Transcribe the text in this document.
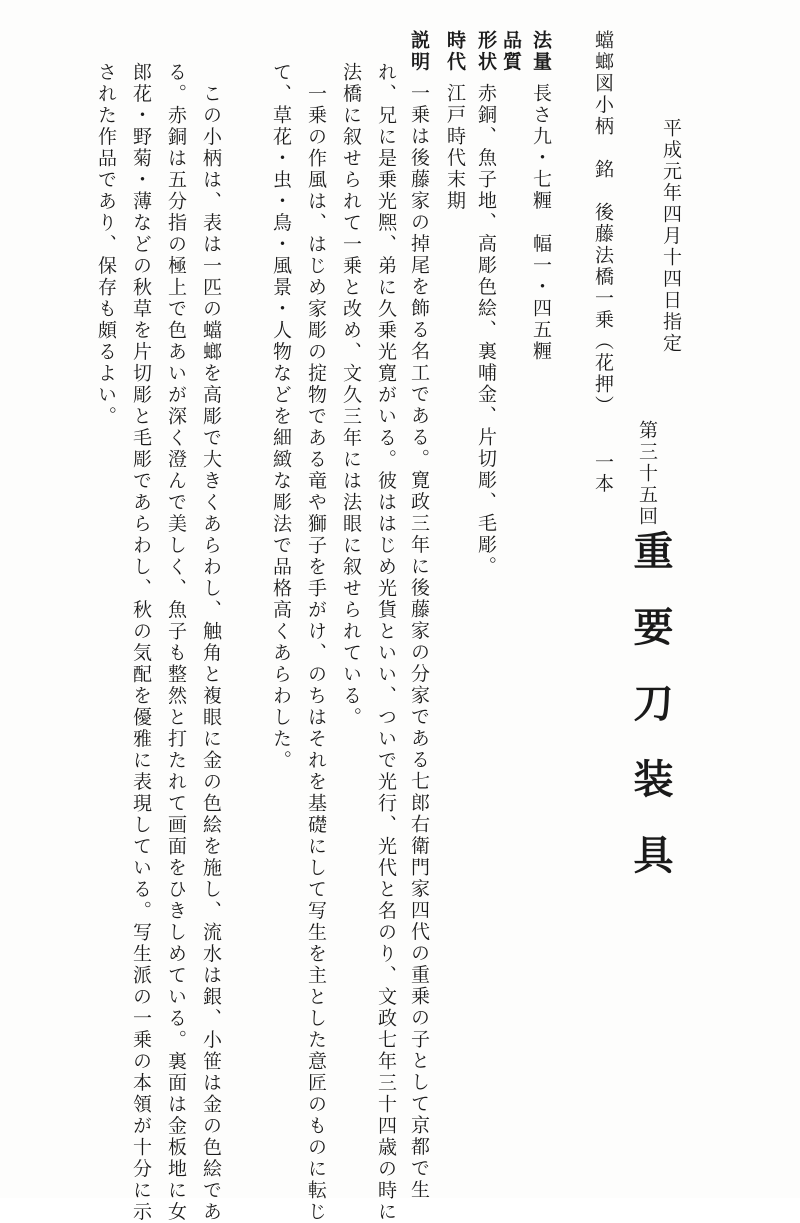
平成元年四月十四日指定
第三十五回
重要刀装具
蟷螂図小柄　銘　後藤法橋一乗（花押）
一本
法量長さ九・七糎　幅一・四五糎
品質
形状赤銅、魚子地、高彫色絵、裏哺金、片切彫、毛彫。
時代江戸時代末期
説明一乗は後藤家の掉尾を飾る名工である。寛政三年に後藤家の分家である七郎右衛門家四代の重乗の子として京都で生
れ、兄に是乗光熈、弟に久乗光寛がいる。彼ははじめ光貨といい、ついで光行、光代と名のり、文政七年三十四歳の時に
法橋に叙せられて一乗と改め、文久三年には法眼に叙せられている。
　一乗の作風は、はじめ家彫の掟物である竜や獅子を手がけ、のちはそれを基礎にして写生を主とした意匠のものに転じ
て、草花・虫・鳥・風景・人物などを細緻な彫法で品格高くあらわした。
　この小柄は、表は一匹の蟷螂を高彫で大きくあらわし、触角と複眼に金の色絵を施し、流水は銀、小笹は金の色絵であ
る。赤銅は五分指の極上で色あいが深く澄んで美しく、魚子も整然と打たれて画面をひきしめている。裏面は金板地に女
郎花・野菊・薄などの秋草を片切彫と毛彫であらわし、秋の気配を優雅に表現している。写生派の一乗の本領が十分に示
された作品であり、保存も頗るよい。
